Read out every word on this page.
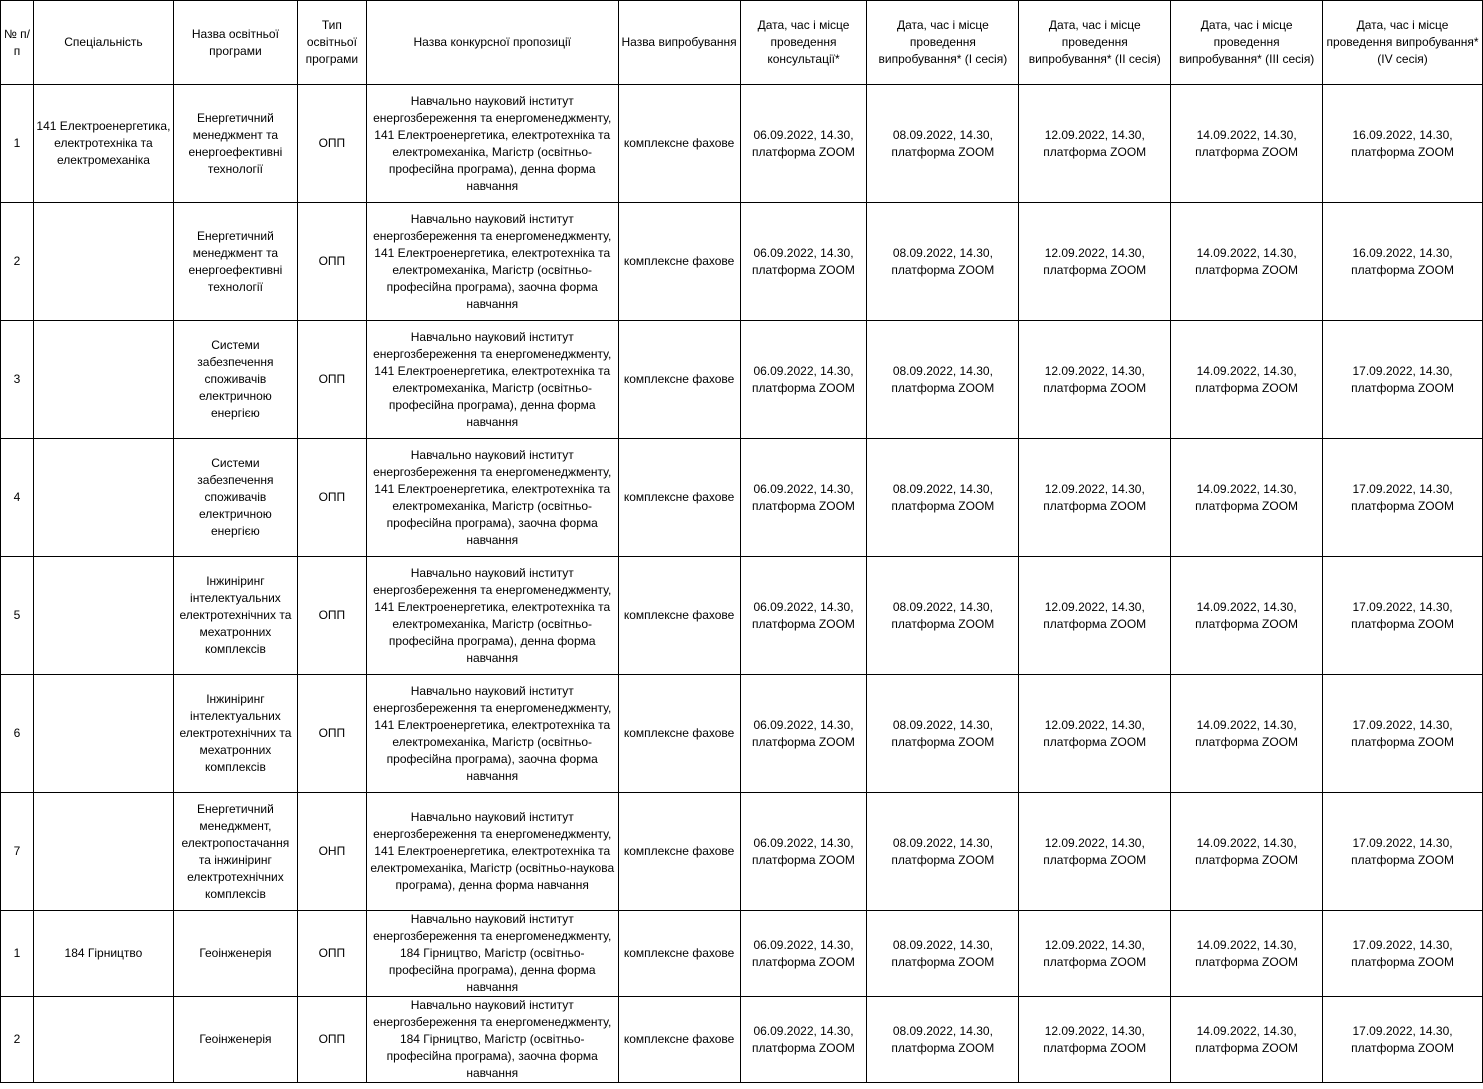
№ п/п	Спеціальність	Назва освітньої програми	Тип освітньої програми	Назва конкурсної пропозиції	Назва випробування	Дата, час і місце проведення консультації*	Дата, час і місце проведення випробування* (І сесія)	Дата, час і місце проведення випробування* (ІІ сесія)	Дата, час і місце проведення випробування* (ІІІ сесія)	Дата, час і місце проведення випробування* (ІV сесія)
1	141 Електроенергетика, електротехніка та електромеханіка	Енергетичний менеджмент та енергоефективні технології	ОПП	Навчально науковий інститут енергозбереження та енергоменеджменту, 141 Електроенергетика, електротехніка та електромеханіка, Магістр (освітньо-професійна програма), денна форма навчання	комплексне фахове	06.09.2022, 14.30, платформа ZOOM	08.09.2022, 14.30, платформа ZOOM	12.09.2022, 14.30, платформа ZOOM	14.09.2022, 14.30, платформа ZOOM	16.09.2022, 14.30, платформа ZOOM
2		Енергетичний менеджмент та енергоефективні технології	ОПП	Навчально науковий інститут енергозбереження та енергоменеджменту, 141 Електроенергетика, електротехніка та електромеханіка, Магістр (освітньо-професійна програма), заочна форма навчання	комплексне фахове	06.09.2022, 14.30, платформа ZOOM	08.09.2022, 14.30, платформа ZOOM	12.09.2022, 14.30, платформа ZOOM	14.09.2022, 14.30, платформа ZOOM	16.09.2022, 14.30, платформа ZOOM
3		Системи забезпечення споживачів електричною енергією	ОПП	Навчально науковий інститут енергозбереження та енергоменеджменту, 141 Електроенергетика, електротехніка та електромеханіка, Магістр (освітньо-професійна програма), денна форма навчання	комплексне фахове	06.09.2022, 14.30, платформа ZOOM	08.09.2022, 14.30, платформа ZOOM	12.09.2022, 14.30, платформа ZOOM	14.09.2022, 14.30, платформа ZOOM	17.09.2022, 14.30, платформа ZOOM
4		Системи забезпечення споживачів електричною енергією	ОПП	Навчально науковий інститут енергозбереження та енергоменеджменту, 141 Електроенергетика, електротехніка та електромеханіка, Магістр (освітньо-професійна програма), заочна форма навчання	комплексне фахове	06.09.2022, 14.30, платформа ZOOM	08.09.2022, 14.30, платформа ZOOM	12.09.2022, 14.30, платформа ZOOM	14.09.2022, 14.30, платформа ZOOM	17.09.2022, 14.30, платформа ZOOM
5		Інжиніринг інтелектуальних електротехнічних та мехатронних комплексів	ОПП	Навчально науковий інститут енергозбереження та енергоменеджменту, 141 Електроенергетика, електротехніка та електромеханіка, Магістр (освітньо-професійна програма), денна форма навчання	комплексне фахове	06.09.2022, 14.30, платформа ZOOM	08.09.2022, 14.30, платформа ZOOM	12.09.2022, 14.30, платформа ZOOM	14.09.2022, 14.30, платформа ZOOM	17.09.2022, 14.30, платформа ZOOM
6		Інжиніринг інтелектуальних електротехнічних та мехатронних комплексів	ОПП	Навчально науковий інститут енергозбереження та енергоменеджменту, 141 Електроенергетика, електротехніка та електромеханіка, Магістр (освітньо-професійна програма), заочна форма навчання	комплексне фахове	06.09.2022, 14.30, платформа ZOOM	08.09.2022, 14.30, платформа ZOOM	12.09.2022, 14.30, платформа ZOOM	14.09.2022, 14.30, платформа ZOOM	17.09.2022, 14.30, платформа ZOOM
7		Енергетичний менеджмент, електропостачання та інжиніринг електротехнічних комплексів	ОНП	Навчально науковий інститут енергозбереження та енергоменеджменту, 141 Електроенергетика, електротехніка та електромеханіка, Магістр (освітньо-наукова програма), денна форма навчання	комплексне фахове	06.09.2022, 14.30, платформа ZOOM	08.09.2022, 14.30, платформа ZOOM	12.09.2022, 14.30, платформа ZOOM	14.09.2022, 14.30, платформа ZOOM	17.09.2022, 14.30, платформа ZOOM
1	184 Гірництво	Геоінженерія	ОПП	Навчально науковий інститут енергозбереження та енергоменеджменту, 184 Гірництво, Магістр (освітньо-професійна програма), денна форма навчання	комплексне фахове	06.09.2022, 14.30, платформа ZOOM	08.09.2022, 14.30, платформа ZOOM	12.09.2022, 14.30, платформа ZOOM	14.09.2022, 14.30, платформа ZOOM	17.09.2022, 14.30, платформа ZOOM
2		Геоінженерія	ОПП	Навчально науковий інститут енергозбереження та енергоменеджменту, 184 Гірництво, Магістр (освітньо-професійна програма), заочна форма навчання	комплексне фахове	06.09.2022, 14.30, платформа ZOOM	08.09.2022, 14.30, платформа ZOOM	12.09.2022, 14.30, платформа ZOOM	14.09.2022, 14.30, платформа ZOOM	17.09.2022, 14.30, платформа ZOOM
